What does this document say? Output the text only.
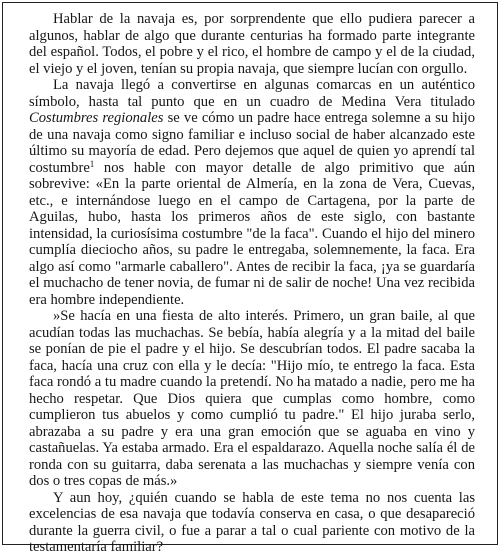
Hablar de la navaja es, por sorprendente que ello pudiera parecer a algunos, hablar de algo que durante centurias ha formado parte integrante del español. Todos, el pobre y el rico, el hombre de campo y el de la ciudad, el viejo y el joven, tenían su propia navaja, que siempre lucían con orgullo.

La navaja llegó a convertirse en algunas comarcas en un auténtico símbolo, hasta tal punto que en un cuadro de Medina Vera titulado Costumbres regionales se ve cómo un padre hace entrega solemne a su hijo de una navaja como signo familiar e incluso social de haber alcanzado este último su mayoría de edad. Pero dejemos que aquel de quien yo aprendí tal costumbre$^1$ nos hable con mayor detalle de algo primitivo que aún sobrevive: «En la parte oriental de Almería, en la zona de Vera, Cuevas, etc., e internándose luego en el campo de Cartagena, por la parte de Aguilas, hubo, hasta los primeros años de este siglo, con bastante intensidad, la curiosísima costumbre "de la faca". Cuando el hijo del minero cumplía dieciocho años, su padre le entregaba, solemnemente, la faca. Era algo así como "armarle caballero". Antes de recibir la faca, ¡ya se guardaría el muchacho de tener novia, de fumar ni de salir de noche! Una vez recibida era hombre independiente.

»Se hacía en una fiesta de alto interés. Primero, un gran baile, al que acudían todas las muchachas. Se bebía, había alegría y a la mitad del baile se ponían de pie el padre y el hijo. Se descubrían todos. El padre sacaba la faca, hacía una cruz con ella y le decía: "Hijo mío, te entrego la faca. Esta faca rondó a tu madre cuando la pretendí. No ha matado a nadie, pero me ha hecho respetar. Que Dios quiera que cumplas como hombre, como cumplieron tus abuelos y como cumplió tu padre." El hijo juraba serlo, abrazaba a su padre y era una gran emoción que se aguaba en vino y castañuelas. Ya estaba armado. Era el espaldarazo. Aquella noche salía él de ronda con su guitarra, daba serenata a las muchachas y siempre venía con dos o tres copas de más.»

Y aun hoy, ¿quién cuando se habla de este tema no nos cuenta las excelencias de esa navaja que todavía conserva en casa, o que desapareció durante la guerra civil, o fue a parar a tal o cual pariente con motivo de la testamentaría familiar?
